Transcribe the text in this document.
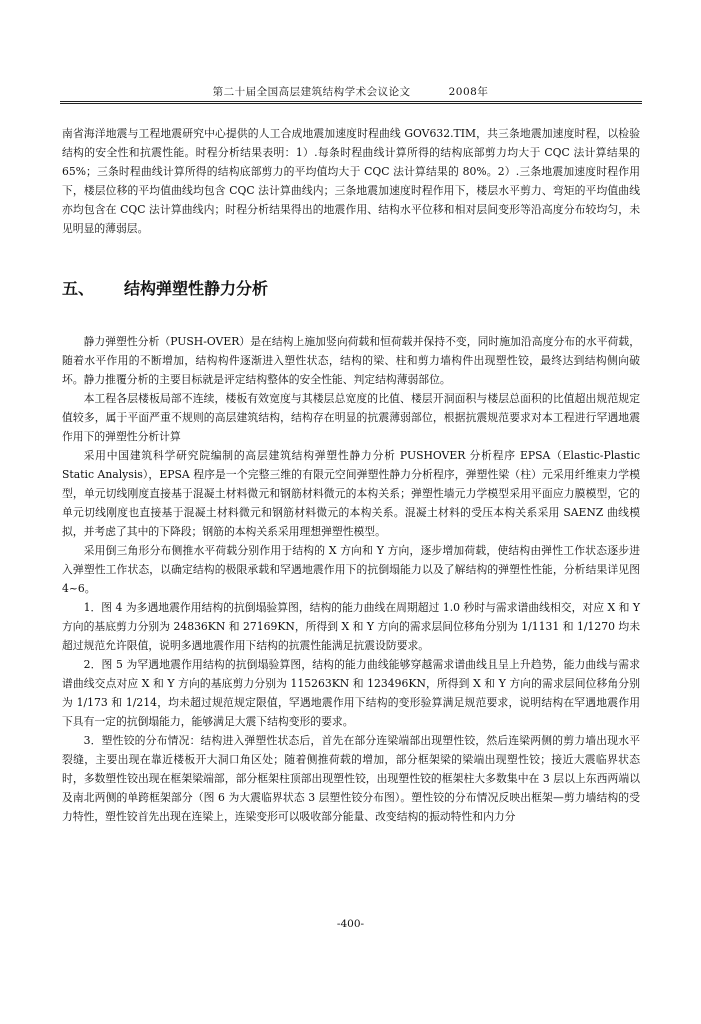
第二十届全国高层建筑结构学术会议论文	2008年

南省海洋地震与工程地震研究中心提供的人工合成地震加速度时程曲线 GOV632.TIM，共三条地震加速度时程，以检验结构的安全性和抗震性能。时程分析结果表明：1）.每条时程曲线计算所得的结构底部剪力均大于 CQC 法计算结果的 65%；三条时程曲线计算所得的结构底部剪力的平均值均大于 CQC 法计算结果的 80%。2）.三条地震加速度时程作用下，楼层位移的平均值曲线均包含 CQC 法计算曲线内；三条地震加速度时程作用下，楼层水平剪力、弯矩的平均值曲线亦均包含在 CQC 法计算曲线内；时程分析结果得出的地震作用、结构水平位移和相对层间变形等沿高度分布较均匀，未见明显的薄弱层。

五、 结构弹塑性静力分析

静力弹塑性分析（PUSH-OVER）是在结构上施加竖向荷载和恒荷载并保持不变，同时施加沿高度分布的水平荷载，随着水平作用的不断增加，结构构件逐渐进入塑性状态，结构的梁、柱和剪力墙构件出现塑性铰，最终达到结构侧向破坏。静力推覆分析的主要目标就是评定结构整体的安全性能、判定结构薄弱部位。

本工程各层楼板局部不连续，楼板有效宽度与其楼层总宽度的比值、楼层开洞面积与楼层总面积的比值超出规范规定值较多，属于平面严重不规则的高层建筑结构，结构存在明显的抗震薄弱部位，根据抗震规范要求对本工程进行罕遇地震作用下的弹塑性分析计算

采用中国建筑科学研究院编制的高层建筑结构弹塑性静力分析 PUSHOVER 分析程序 EPSA（Elastic-Plastic Static Analysis），EPSA 程序是一个完整三维的有限元空间弹塑性静力分析程序，弹塑性梁（柱）元采用纤维束力学模型，单元切线刚度直接基于混凝土材料微元和钢筋材料微元的本构关系；弹塑性墙元力学模型采用平面应力膜模型，它的单元切线刚度也直接基于混凝土材料微元和钢筋材料微元的本构关系。混凝土材料的受压本构关系采用 SAENZ 曲线模拟，并考虑了其中的下降段；钢筋的本构关系采用理想弹塑性模型。

采用倒三角形分布侧推水平荷载分别作用于结构的 X 方向和 Y 方向，逐步增加荷载，使结构由弹性工作状态逐步进入弹塑性工作状态，以确定结构的极限承载和罕遇地震作用下的抗倒塌能力以及了解结构的弹塑性性能，分析结果详见图 4~6。

1．图 4 为多遇地震作用结构的抗倒塌验算图，结构的能力曲线在周期超过 1.0 秒时与需求谱曲线相交，对应 X 和 Y 方向的基底剪力分别为 24836KN 和 27169KN，所得到 X 和 Y 方向的需求层间位移角分别为 1/1131 和 1/1270 均未超过规范允许限值，说明多遇地震作用下结构的抗震性能满足抗震设防要求。

2．图 5 为罕遇地震作用结构的抗倒塌验算图，结构的能力曲线能够穿越需求谱曲线且呈上升趋势，能力曲线与需求谱曲线交点对应 X 和 Y 方向的基底剪力分别为 115263KN 和 123496KN，所得到 X 和 Y 方向的需求层间位移角分别为 1/173 和 1/214，均未超过规范规定限值，罕遇地震作用下结构的变形验算满足规范要求，说明结构在罕遇地震作用下具有一定的抗倒塌能力，能够满足大震下结构变形的要求。

3．塑性铰的分布情况：结构进入弹塑性状态后，首先在部分连梁端部出现塑性铰，然后连梁两侧的剪力墙出现水平裂缝，主要出现在靠近楼板开大洞口角区处；随着侧推荷载的增加，部分框架梁的梁端出现塑性铰；接近大震临界状态时，多数塑性铰出现在框架梁端部，部分框架柱顶部出现塑性铰，出现塑性铰的框架柱大多数集中在 3 层以上东西两端以及南北两侧的单跨框架部分（图 6 为大震临界状态 3 层塑性铰分布图）。塑性铰的分布情况反映出框架—剪力墙结构的受力特性，塑性铰首先出现在连梁上，连梁变形可以吸收部分能量、改变结构的振动特性和内力分

-400-
